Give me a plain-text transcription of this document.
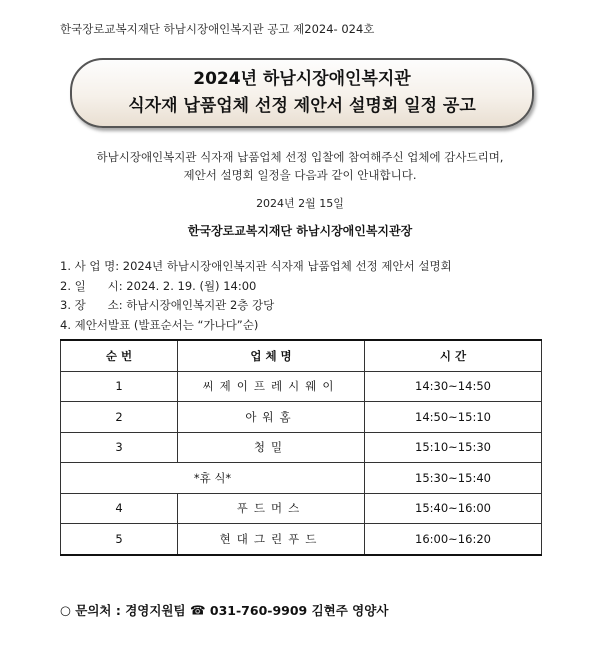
한국장로교복지재단 하남시장애인복지관 공고 제2024- 024호
2024년 하남시장애인복지관
식자재 납품업체 선정 제안서 설명회 일정 공고
하남시장애인복지관 식자재 납품업체 선정 입찰에 참여해주신 업체에 감사드리며,
제안서 설명회 일정을 다음과 같이 안내합니다.
2024년 2월 15일
한국장로교복지재단 하남시장애인복지관장
1. 사 업 명: 2024년 하남시장애인복지관 식자재 납품업체 선정 제안서 설명회
2. 일      시: 2024. 2. 19. (월) 14:00
3. 장      소: 하남시장애인복지관 2층 강당
4. 제안서발표 (발표순서는 “가나다”순)
순 번	업 체 명	시 간
1	씨제이프레시웨이	14:30~14:50
2	아워홈	14:50~15:10
3	청밀	15:10~15:30
*휴 식*		15:30~15:40
4	푸드머스	15:40~16:00
5	현대그린푸드	16:00~16:20
○ 문의처 : 경영지원팀 ☎ 031-760-9909 김현주 영양사
